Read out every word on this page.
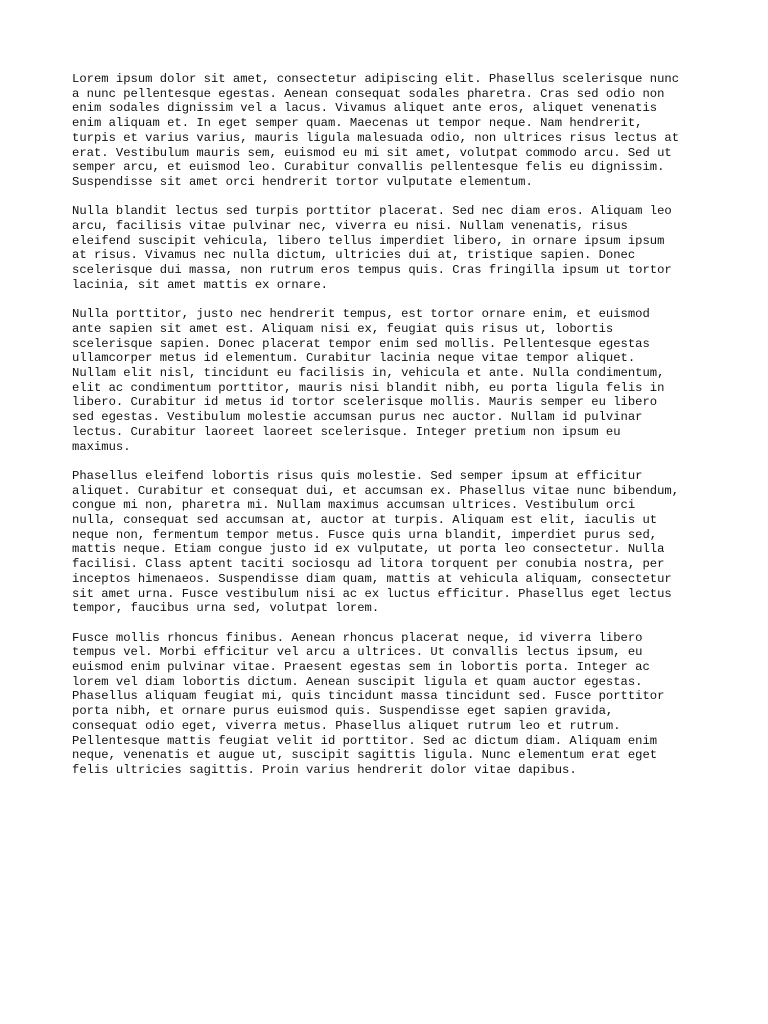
Lorem ipsum dolor sit amet, consectetur adipiscing elit. Phasellus scelerisque nunc
a nunc pellentesque egestas. Aenean consequat sodales pharetra. Cras sed odio non
enim sodales dignissim vel a lacus. Vivamus aliquet ante eros, aliquet venenatis
enim aliquam et. In eget semper quam. Maecenas ut tempor neque. Nam hendrerit,
turpis et varius varius, mauris ligula malesuada odio, non ultrices risus lectus at
erat. Vestibulum mauris sem, euismod eu mi sit amet, volutpat commodo arcu. Sed ut
semper arcu, et euismod leo. Curabitur convallis pellentesque felis eu dignissim.
Suspendisse sit amet orci hendrerit tortor vulputate elementum.

Nulla blandit lectus sed turpis porttitor placerat. Sed nec diam eros. Aliquam leo
arcu, facilisis vitae pulvinar nec, viverra eu nisi. Nullam venenatis, risus
eleifend suscipit vehicula, libero tellus imperdiet libero, in ornare ipsum ipsum
at risus. Vivamus nec nulla dictum, ultricies dui at, tristique sapien. Donec
scelerisque dui massa, non rutrum eros tempus quis. Cras fringilla ipsum ut tortor
lacinia, sit amet mattis ex ornare.

Nulla porttitor, justo nec hendrerit tempus, est tortor ornare enim, et euismod
ante sapien sit amet est. Aliquam nisi ex, feugiat quis risus ut, lobortis
scelerisque sapien. Donec placerat tempor enim sed mollis. Pellentesque egestas
ullamcorper metus id elementum. Curabitur lacinia neque vitae tempor aliquet.
Nullam elit nisl, tincidunt eu facilisis in, vehicula et ante. Nulla condimentum,
elit ac condimentum porttitor, mauris nisi blandit nibh, eu porta ligula felis in
libero. Curabitur id metus id tortor scelerisque mollis. Mauris semper eu libero
sed egestas. Vestibulum molestie accumsan purus nec auctor. Nullam id pulvinar
lectus. Curabitur laoreet laoreet scelerisque. Integer pretium non ipsum eu
maximus.

Phasellus eleifend lobortis risus quis molestie. Sed semper ipsum at efficitur
aliquet. Curabitur et consequat dui, et accumsan ex. Phasellus vitae nunc bibendum,
congue mi non, pharetra mi. Nullam maximus accumsan ultrices. Vestibulum orci
nulla, consequat sed accumsan at, auctor at turpis. Aliquam est elit, iaculis ut
neque non, fermentum tempor metus. Fusce quis urna blandit, imperdiet purus sed,
mattis neque. Etiam congue justo id ex vulputate, ut porta leo consectetur. Nulla
facilisi. Class aptent taciti sociosqu ad litora torquent per conubia nostra, per
inceptos himenaeos. Suspendisse diam quam, mattis at vehicula aliquam, consectetur
sit amet urna. Fusce vestibulum nisi ac ex luctus efficitur. Phasellus eget lectus
tempor, faucibus urna sed, volutpat lorem.

Fusce mollis rhoncus finibus. Aenean rhoncus placerat neque, id viverra libero
tempus vel. Morbi efficitur vel arcu a ultrices. Ut convallis lectus ipsum, eu
euismod enim pulvinar vitae. Praesent egestas sem in lobortis porta. Integer ac
lorem vel diam lobortis dictum. Aenean suscipit ligula et quam auctor egestas.
Phasellus aliquam feugiat mi, quis tincidunt massa tincidunt sed. Fusce porttitor
porta nibh, et ornare purus euismod quis. Suspendisse eget sapien gravida,
consequat odio eget, viverra metus. Phasellus aliquet rutrum leo et rutrum.
Pellentesque mattis feugiat velit id porttitor. Sed ac dictum diam. Aliquam enim
neque, venenatis et augue ut, suscipit sagittis ligula. Nunc elementum erat eget
felis ultricies sagittis. Proin varius hendrerit dolor vitae dapibus.
